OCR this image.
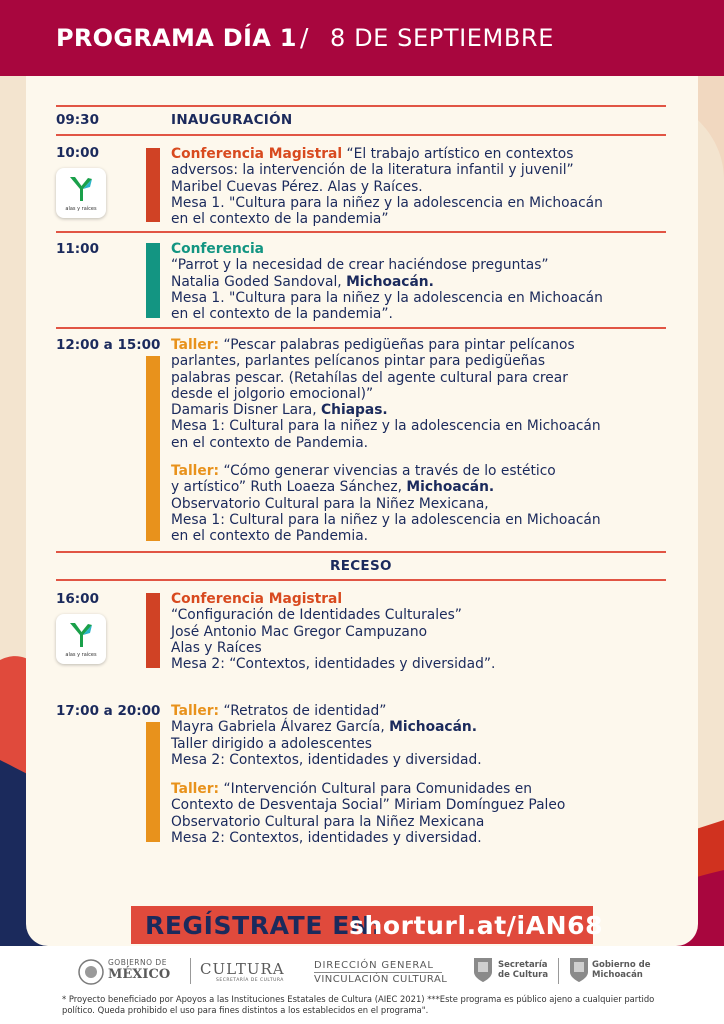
PROGRAMA DÍA 1 / 8 DE SEPTIEMBRE
09:30	INAUGURACIÓN
10:00
alas y raíces
Conferencia Magistral “El trabajo artístico en contextos
adversos: la intervención de la literatura infantil y juvenil”
Maribel Cuevas Pérez. Alas y Raíces.
Mesa 1. "Cultura para la niñez y la adolescencia en Michoacán
en el contexto de la pandemia”
11:00	Conferencia
“Parrot y la necesidad de crear haciéndose preguntas”
Natalia Goded Sandoval, Michoacán.
Mesa 1. "Cultura para la niñez y la adolescencia en Michoacán
en el contexto de la pandemia”.
12:00 a 15:00 Taller: “Pescar palabras pedigüeñas para pintar pelícanos
parlantes, parlantes pelícanos pintar para pedigüeñas
palabras pescar. (Retahílas del agente cultural para crear
desde el jolgorio emocional)”
Damaris Disner Lara, Chiapas.
Mesa 1: Cultural para la niñez y la adolescencia en Michoacán
en el contexto de Pandemia.
Taller: “Cómo generar vivencias a través de lo estético
y artístico” Ruth Loaeza Sánchez, Michoacán.
Observatorio Cultural para la Niñez Mexicana,
Mesa 1: Cultural para la niñez y la adolescencia en Michoacán
en el contexto de Pandemia.
RECESO
16:00
alas y raíces
Conferencia Magistral
“Configuración de Identidades Culturales”
José Antonio Mac Gregor Campuzano
Alas y Raíces
Mesa 2: “Contextos, identidades y diversidad”.
17:00 a 20:00 Taller: “Retratos de identidad”
Mayra Gabriela Álvarez García, Michoacán.
Taller dirigido a adolescentes
Mesa 2: Contextos, identidades y diversidad.
Taller: “Intervención Cultural para Comunidades en
Contexto de Desventaja Social” Miriam Domínguez Paleo
Observatorio Cultural para la Niñez Mexicana
Mesa 2: Contextos, identidades y diversidad.
REGÍSTRATE EN:
shorturl.at/iAN68
GOBIERNO DE
MÉXICO CULTURA
SECRETARÍA DE CULTURA
DIRECCIÓN GENERAL
VINCULACIÓN CULTURAL
Secretaría
de Cultura
Gobierno de
Michoacán
* Proyecto beneficiado por Apoyos a las Instituciones Estatales de Cultura (AIEC 2021) ***Este programa es público ajeno a cualquier partido político. Queda prohibido el uso para fines distintos a los establecidos en el programa".
